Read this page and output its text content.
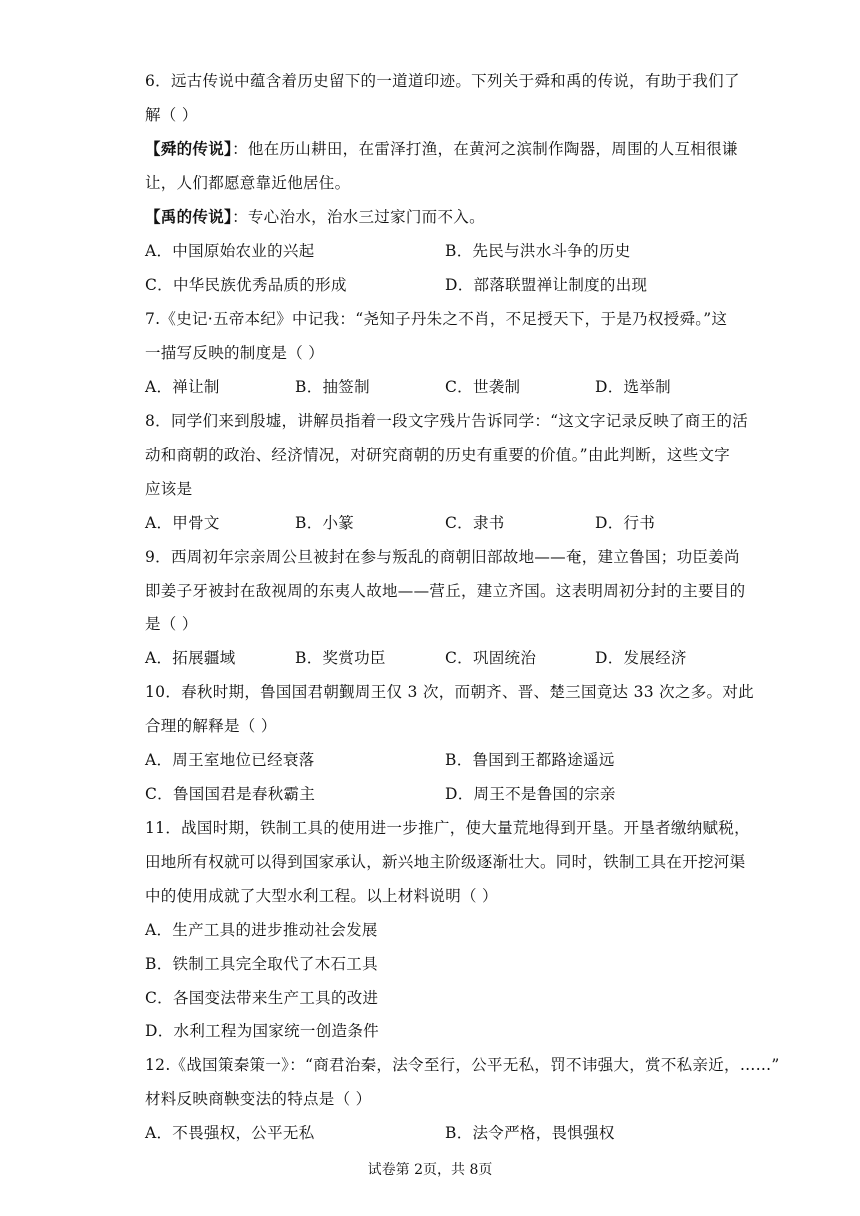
6．远古传说中蕴含着历史留下的一道道印迹。下列关于舜和禹的传说，有助于我们了
解（ ）
【舜的传说】：他在历山耕田，在雷泽打渔，在黄河之滨制作陶器，周围的人互相很谦
让，人们都愿意靠近他居住。
【禹的传说】：专心治水，治水三过家门而不入。
A．中国原始农业的兴起	B．先民与洪水斗争的历史
C．中华民族优秀品质的形成	D．部落联盟禅让制度的出现
7.《史记·五帝本纪》中记我：“尧知子丹朱之不肖，不足授天下，于是乃权授舜。”这
一描写反映的制度是（ ）
A．禅让制	B．抽签制	C．世袭制	D．选举制
8．同学们来到殷墟，讲解员指着一段文字残片告诉同学：“这文字记录反映了商王的活
动和商朝的政治、经济情况，对研究商朝的历史有重要的价值。”由此判断，这些文字
应该是
A．甲骨文	B．小篆	C．隶书	D．行书
9．西周初年宗亲周公旦被封在参与叛乱的商朝旧部故地——奄，建立鲁国；功臣姜尚
即姜子牙被封在敌视周的东夷人故地——营丘，建立齐国。这表明周初分封的主要目的
是（ ）
A．拓展疆域	B．奖赏功臣	C．巩固统治	D．发展经济
10．春秋时期，鲁国国君朝觐周王仅 3 次，而朝齐、晋、楚三国竟达 33 次之多。对此
合理的解释是（ ）
A．周王室地位已经衰落	B．鲁国到王都路途遥远
C．鲁国国君是春秋霸主	D．周王不是鲁国的宗亲
11．战国时期，铁制工具的使用进一步推广，使大量荒地得到开垦。开垦者缴纳赋税，
田地所有权就可以得到国家承认，新兴地主阶级逐渐壮大。同时，铁制工具在开挖河渠
中的使用成就了大型水利工程。以上材料说明（ ）
A．生产工具的进步推动社会发展
B．铁制工具完全取代了木石工具
C．各国变法带来生产工具的改进
D．水利工程为国家统一创造条件
12.《战国策秦策一》：“商君治秦，法令至行，公平无私，罚不讳强大，赏不私亲近，……”
材料反映商鞅变法的特点是（ ）
A．不畏强权，公平无私	B．法令严格，畏惧强权
试卷第 2页，共 8页
